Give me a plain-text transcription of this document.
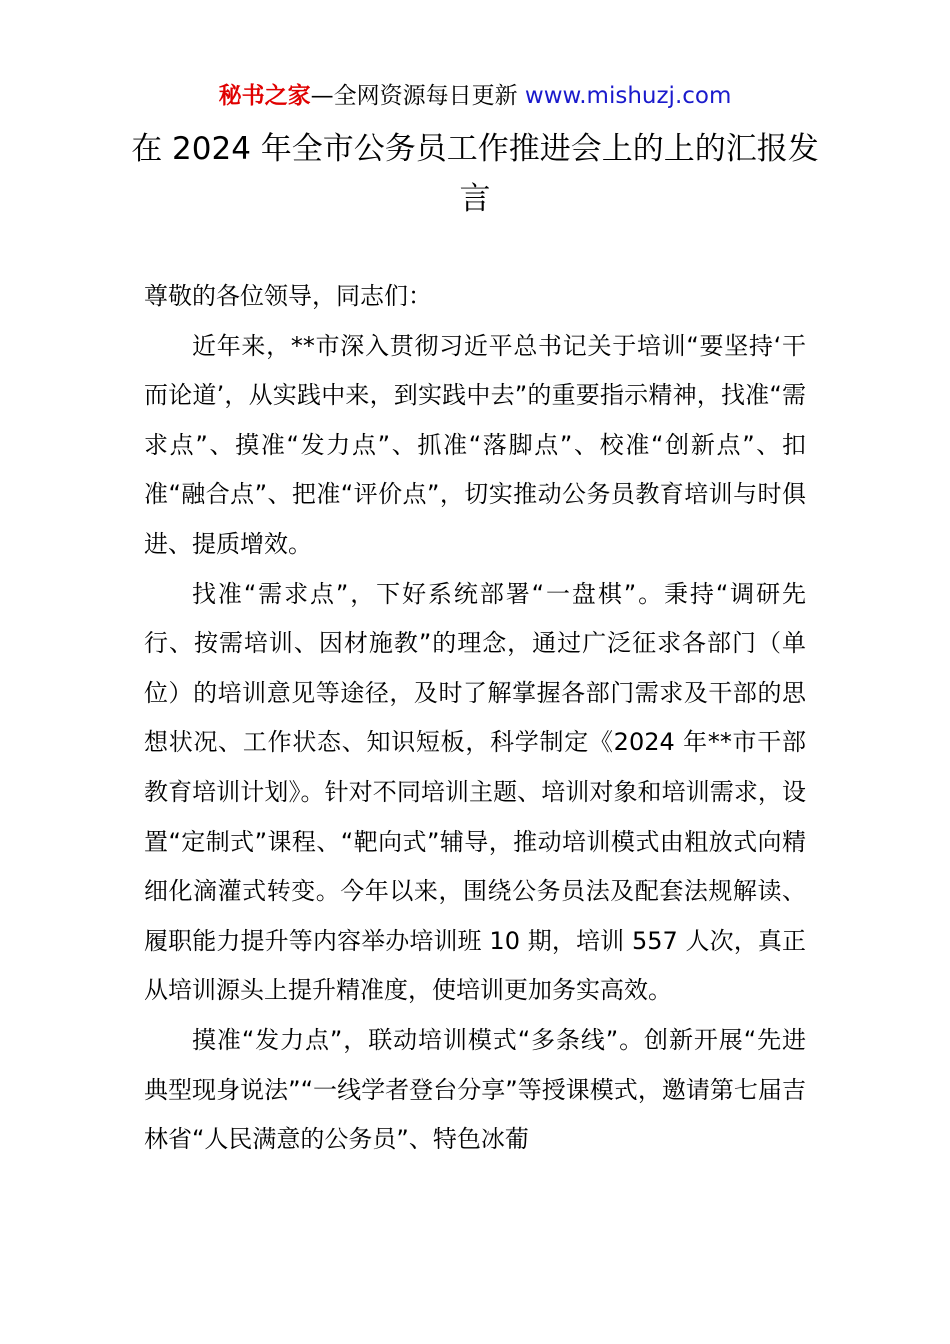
秘书之家—全网资源每日更新 www.mishuzj.com
在 2024 年全市公务员工作推进会上的上的汇报发言

尊敬的各位领导，同志们：

近年来，**市深入贯彻习近平总书记关于培训“要坚持‘干而论道’，从实践中来，到实践中去”的重要指示精神，找准“需求点”、摸准“发力点”、抓准“落脚点”、校准“创新点”、扣准“融合点”、把准“评价点”，切实推动公务员教育培训与时俱进、提质增效。

找准“需求点”，下好系统部署“一盘棋”。秉持“调研先行、按需培训、因材施教”的理念，通过广泛征求各部门（单位）的培训意见等途径，及时了解掌握各部门需求及干部的思想状况、工作状态、知识短板，科学制定《2024 年**市干部教育培训计划》。针对不同培训主题、培训对象和培训需求，设置“定制式”课程、“靶向式”辅导，推动培训模式由粗放式向精细化滴灌式转变。今年以来，围绕公务员法及配套法规解读、履职能力提升等内容举办培训班 10 期，培训 557 人次，真正从培训源头上提升精准度，使培训更加务实高效。

摸准“发力点”，联动培训模式“多条线”。创新开展“先进典型现身说法”“一线学者登台分享”等授课模式，邀请第七届吉林省“人民满意的公务员”、特色冰葡
